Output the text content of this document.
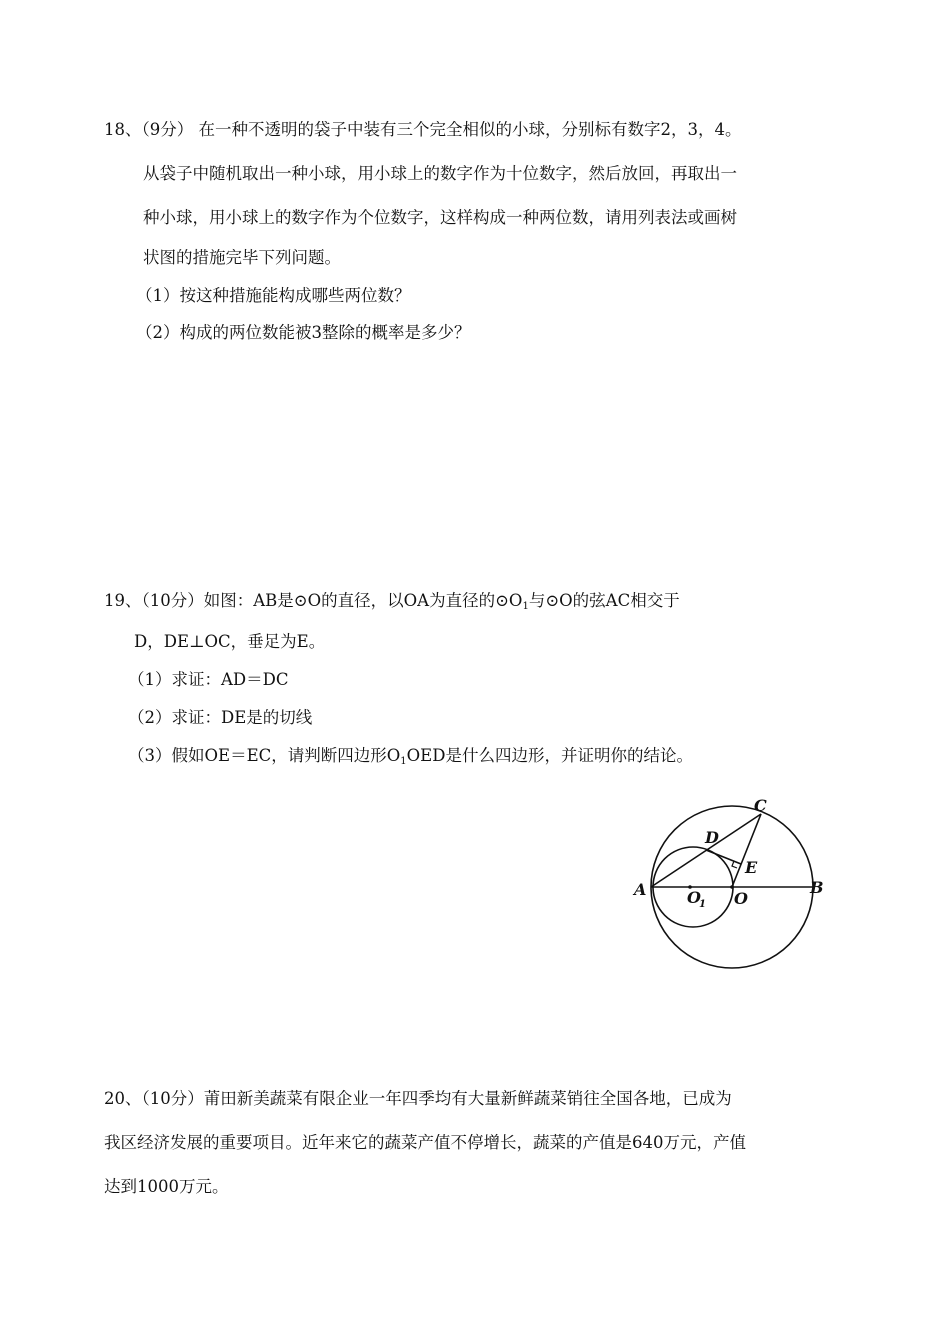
18、（9分） 在一种不透明的袋子中装有三个完全相似的小球，分别标有数字2，3，4。
从袋子中随机取出一种小球，用小球上的数字作为十位数字，然后放回，再取出一
种小球，用小球上的数字作为个位数字，这样构成一种两位数，请用列表法或画树
状图的措施完毕下列问题。
（1）按这种措施能构成哪些两位数？
（2）构成的两位数能被3整除的概率是多少？
19、（10分）如图：AB是⊙O的直径，以OA为直径的$⊙O_1$与⊙O的弦AC相交于
D，DE⊥OC，垂足为E。
（1）求证：AD＝DC
（2）求证：DE是的切线
（3）假如OE＝EC，请判断四边形$O_1OED$是什么四边形，并证明你的结论。
A	B
C
D
E
O
O
1
20、（10分）莆田新美蔬菜有限企业一年四季均有大量新鲜蔬菜销往全国各地，已成为
我区经济发展的重要项目。近年来它的蔬菜产值不停增长，蔬菜的产值是640万元，产值
达到1000万元。
